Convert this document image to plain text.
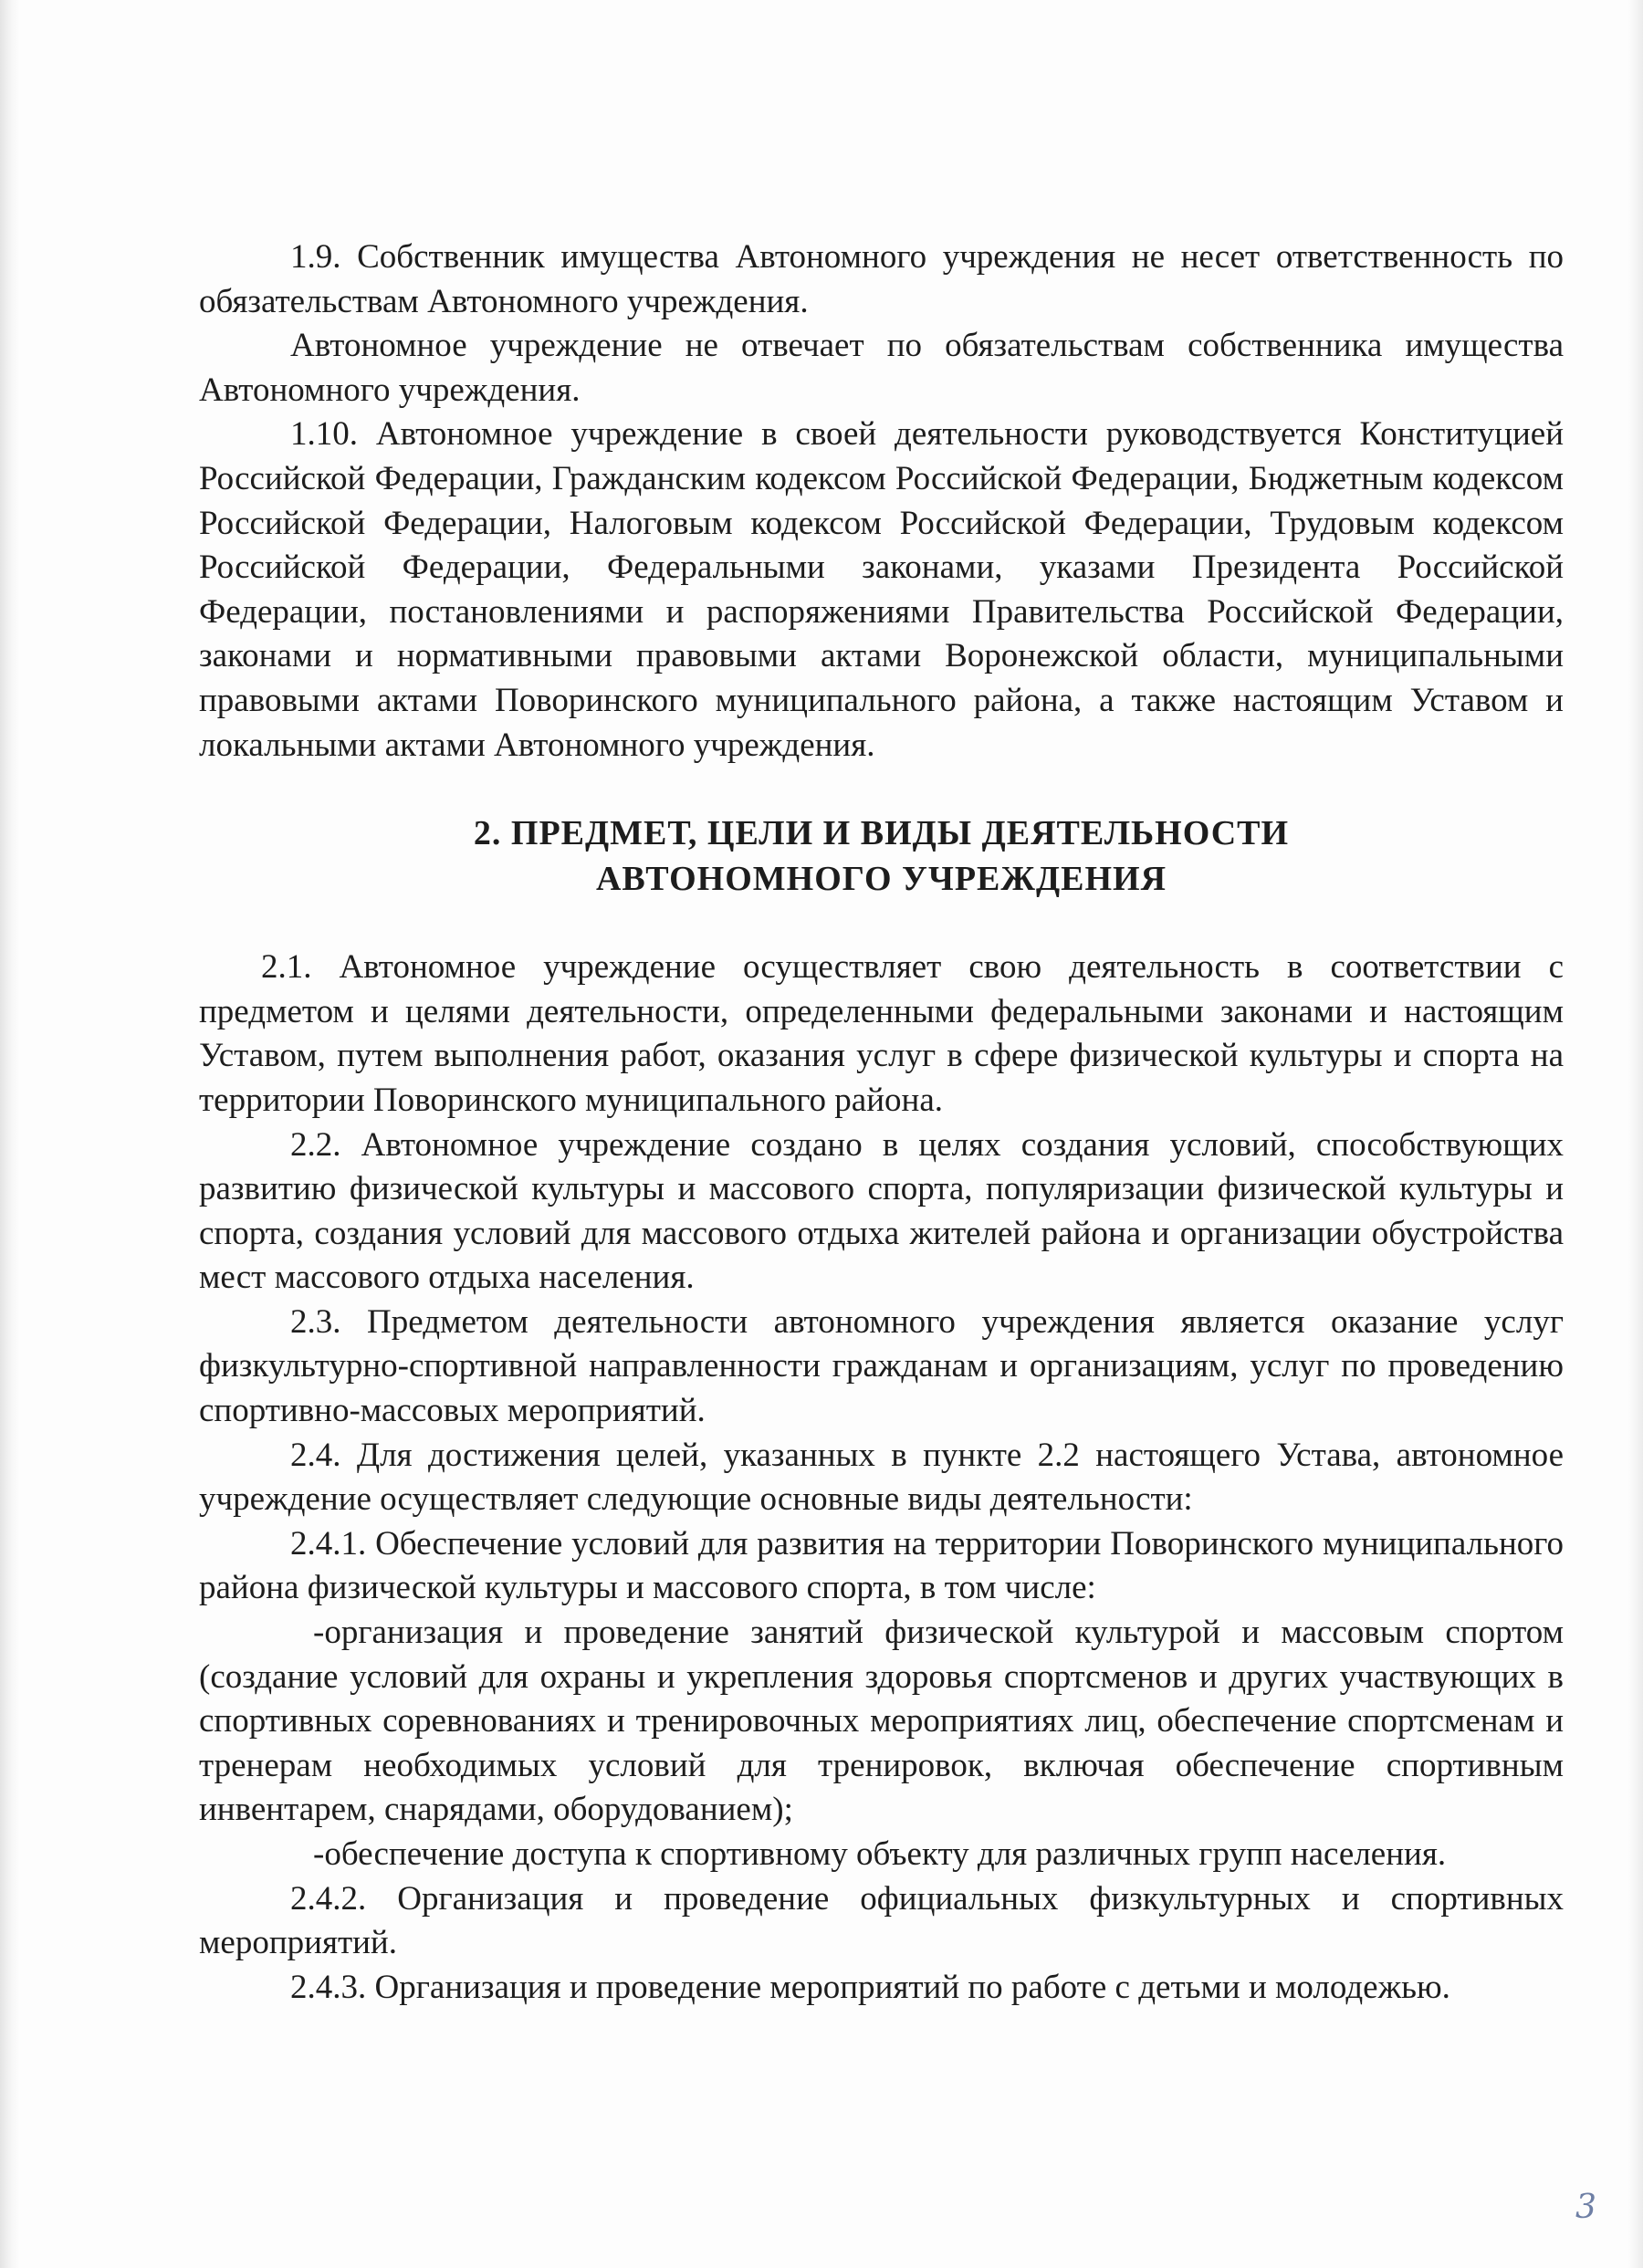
1.9. Собственник имущества Автономного учреждения не несет ответственность по обязательствам Автономного учреждения.

Автономное учреждение не отвечает по обязательствам собственника имущества Автономного учреждения.

1.10. Автономное учреждение в своей деятельности руководствуется Конституцией Российской Федерации, Гражданским кодексом Российской Федерации, Бюджетным кодексом Российской Федерации, Налоговым кодексом Российской Федерации, Трудовым кодексом Российской Федерации, Федеральными законами, указами Президента Российской Федерации, постановлениями и распоряжениями Правительства Российской Федерации, законами и нормативными правовыми актами Воронежской области, муниципальными правовыми актами Поворинского муниципального района, а также настоящим Уставом и локальными актами Автономного учреждения.

2. ПРЕДМЕТ, ЦЕЛИ И ВИДЫ ДЕЯТЕЛЬНОСТИ
АВТОНОМНОГО УЧРЕЖДЕНИЯ

2.1. Автономное учреждение осуществляет свою деятельность в соответствии с предметом и целями деятельности, определенными федеральными законами и настоящим Уставом, путем выполнения работ, оказания услуг в сфере физической культуры и спорта на территории Поворинского муниципального района.

2.2. Автономное учреждение создано в целях создания условий, способствующих развитию физической культуры и массового спорта, популяризации физической культуры и спорта, создания условий для массового отдыха жителей района и организации обустройства мест массового отдыха населения.

2.3. Предметом деятельности автономного учреждения является оказание услуг физкультурно-спортивной направленности гражданам и организациям, услуг по проведению спортивно-массовых мероприятий.

2.4. Для достижения целей, указанных в пункте 2.2 настоящего Устава, автономное учреждение осуществляет следующие основные виды деятельности:

2.4.1. Обеспечение условий для развития на территории Поворинского муниципального района физической культуры и массового спорта, в том числе:

-организация и проведение занятий физической культурой и массовым спортом (создание условий для охраны и укрепления здоровья спортсменов и других участвующих в спортивных соревнованиях и тренировочных мероприятиях лиц, обеспечение спортсменам и тренерам необходимых условий для тренировок, включая обеспечение спортивным инвентарем, снарядами, оборудованием);

-обеспечение доступа к спортивному объекту для различных групп населения.

2.4.2. Организация и проведение официальных физкультурных и спортивных мероприятий.

2.4.3. Организация и проведение мероприятий по работе с детьми и молодежью.

3
